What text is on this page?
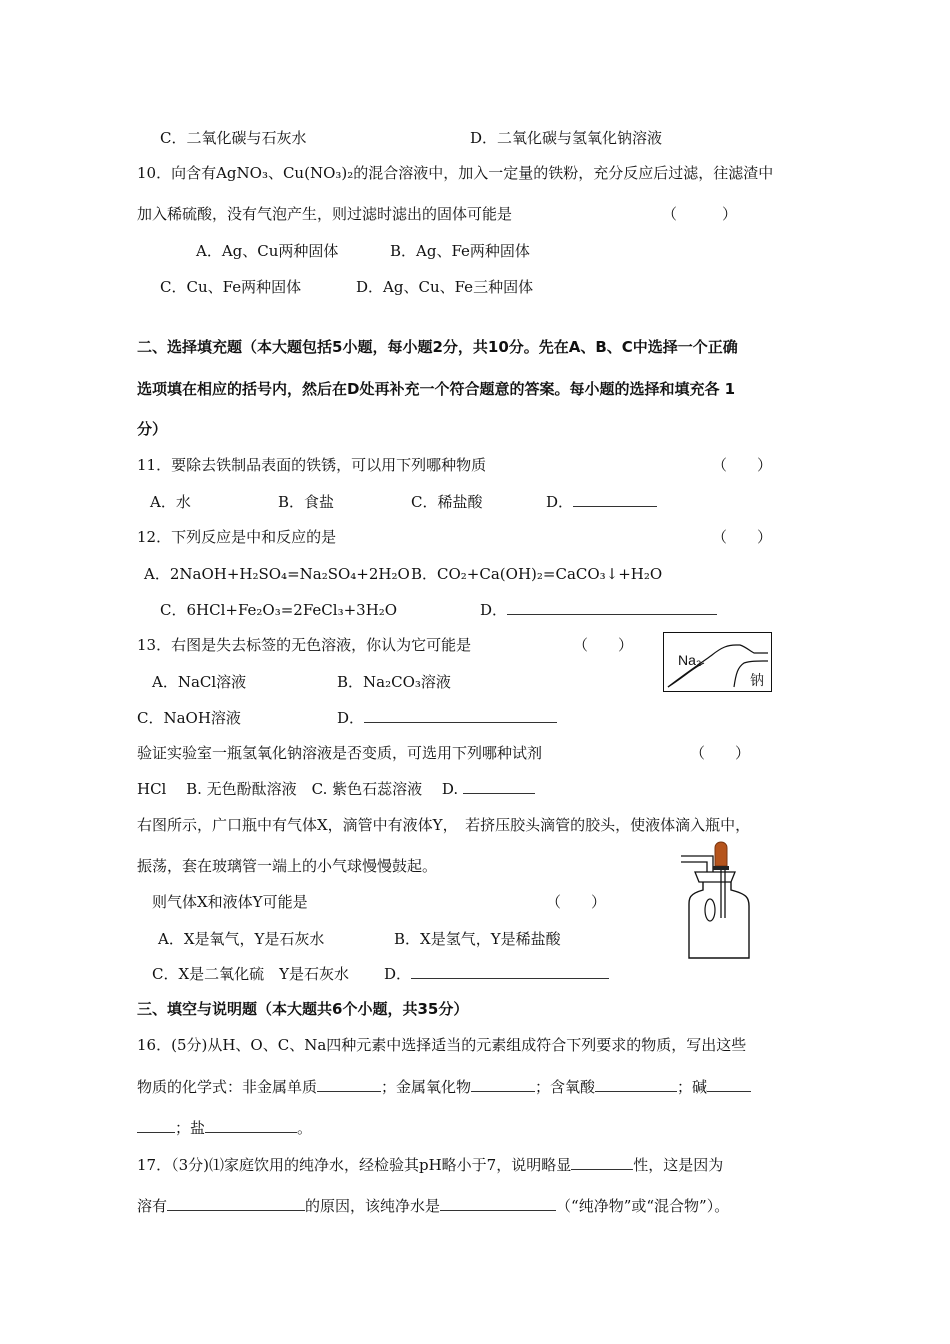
C．二氧化碳与石灰水	D．二氧化碳与氢氧化钠溶液
10．向含有AgNO₃、Cu(NO₃)₂的混合溶液中，加入一定量的铁粉，充分反应后过滤，往滤渣中
加入稀硫酸，没有气泡产生，则过滤时滤出的固体可能是	（　　　）
A．Ag、Cu两种固体	B．Ag、Fe两种固体
C．Cu、Fe两种固体	D．Ag、Cu、Fe三种固体
二、选择填充题（本大题包括5小题，每小题2分，共10分。先在A、B、C中选择一个正确
选项填在相应的括号内，然后在D处再补充一个符合题意的答案。每小题的选择和填充各 1
分）
11．要除去铁制品表面的铁锈，可以用下列哪种物质	（　　）
A．水	B．食盐	C．稀盐酸	D．
12．下列反应是中和反应的是	（　　）
A．2NaOH+H₂SO₄=Na₂SO₄+2H₂O B．CO₂+Ca(OH)₂=CaCO₃↓+H₂O
C．6HCl+Fe₂O₃=2FeCl₃+3H₂O	D．
13．右图是失去标签的无色溶液，你认为它可能是	（　　）
A．NaCl溶液	B．Na₂CO₃溶液
C．NaOH溶液	D．
Na₂
钠
验证实验室一瓶氢氧化钠溶液是否变质，可选用下列哪种试剂	（　　）
HCl　 B. 无色酚酞溶液　C. 紫色石蕊溶液　 D.
右图所示，广口瓶中有气体X，滴管中有液体Y，　若挤压胶头滴管的胶头，使液体滴入瓶中，
振荡，套在玻璃管一端上的小气球慢慢鼓起。
则气体X和液体Y可能是	（　　）
A．X是氧气，Y是石灰水	B．X是氢气，Y是稀盐酸
C．X是二氧化硫　Y是石灰水 D．
三、填空与说明题（本大题共6个小题，共35分）
16．(5分)从H、O、C、Na四种元素中选择适当的元素组成符合下列要求的物质，写出这些
物质的化学式：非金属单质	；金属氧化物	；含氧酸	；碱
；盐	。
17．（3分)⑴家庭饮用的纯净水，经检验其pH略小于7，说明略显	性，这是因为
溶有	的原因，该纯净水是	（“纯净物”或“混合物”）。
